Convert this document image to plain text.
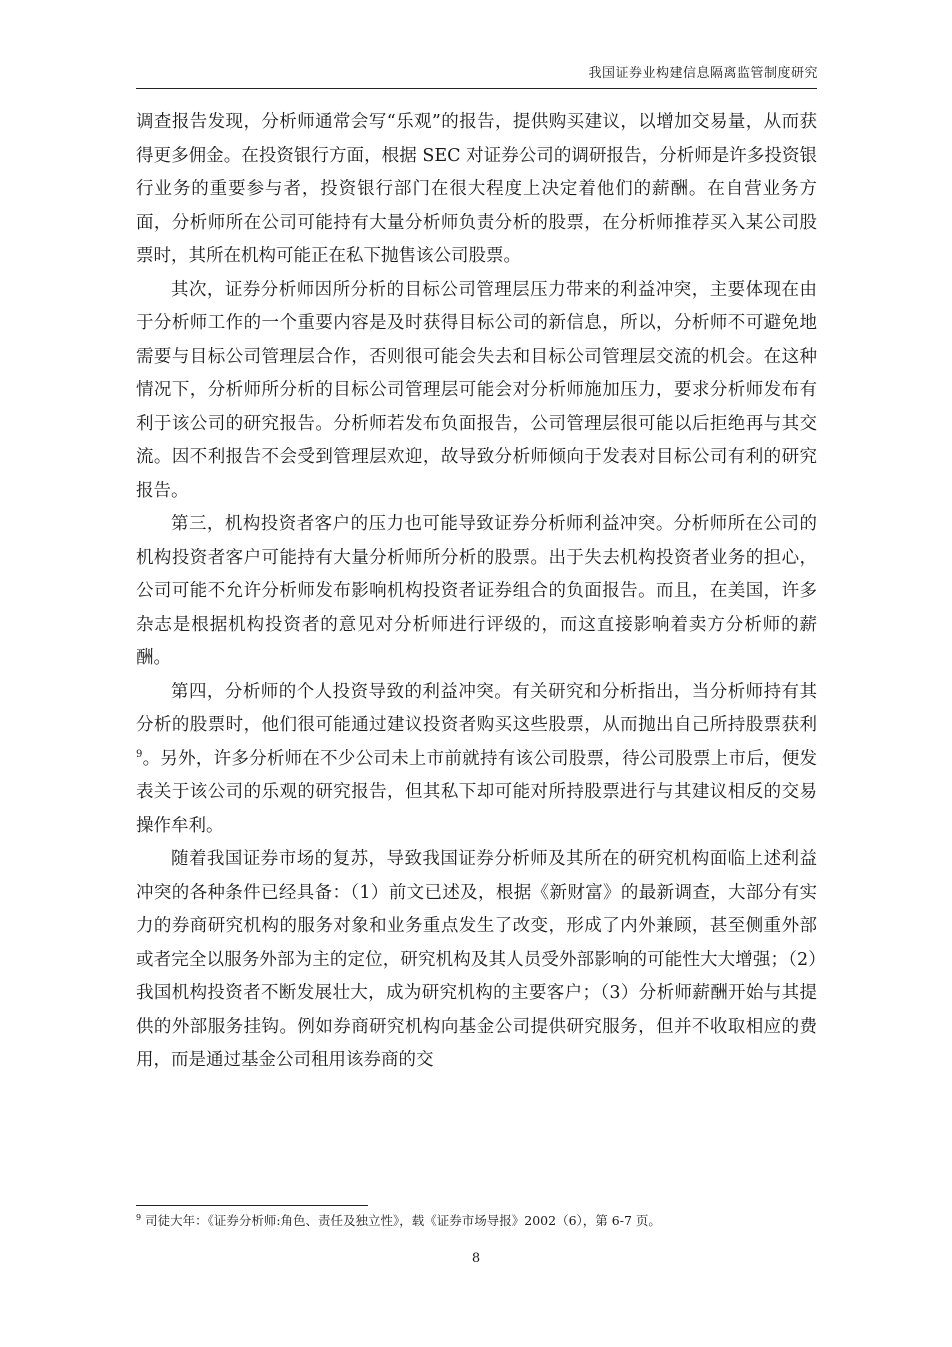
我国证券业构建信息隔离监管制度研究

调查报告发现，分析师通常会写“乐观”的报告，提供购买建议，以增加交易量，从而获得更多佣金。在投资银行方面，根据 SEC 对证券公司的调研报告，分析师是许多投资银行业务的重要参与者，投资银行部门在很大程度上决定着他们的薪酬。在自营业务方面，分析师所在公司可能持有大量分析师负责分析的股票，在分析师推荐买入某公司股票时，其所在机构可能正在私下抛售该公司股票。

其次，证券分析师因所分析的目标公司管理层压力带来的利益冲突，主要体现在由于分析师工作的一个重要内容是及时获得目标公司的新信息，所以，分析师不可避免地需要与目标公司管理层合作，否则很可能会失去和目标公司管理层交流的机会。在这种情况下，分析师所分析的目标公司管理层可能会对分析师施加压力，要求分析师发布有利于该公司的研究报告。分析师若发布负面报告，公司管理层很可能以后拒绝再与其交流。因不利报告不会受到管理层欢迎，故导致分析师倾向于发表对目标公司有利的研究报告。

第三，机构投资者客户的压力也可能导致证券分析师利益冲突。分析师所在公司的机构投资者客户可能持有大量分析师所分析的股票。出于失去机构投资者业务的担心，公司可能不允许分析师发布影响机构投资者证券组合的负面报告。而且，在美国，许多杂志是根据机构投资者的意见对分析师进行评级的，而这直接影响着卖方分析师的薪酬。

第四，分析师的个人投资导致的利益冲突。有关研究和分析指出，当分析师持有其分析的股票时，他们很可能通过建议投资者购买这些股票，从而抛出自己所持股票获利$^9$。另外，许多分析师在不少公司未上市前就持有该公司股票，待公司股票上市后，便发表关于该公司的乐观的研究报告，但其私下却可能对所持股票进行与其建议相反的交易操作牟利。

随着我国证券市场的复苏，导致我国证券分析师及其所在的研究机构面临上述利益冲突的各种条件已经具备：（1）前文已述及，根据《新财富》的最新调查，大部分有实力的券商研究机构的服务对象和业务重点发生了改变，形成了内外兼顾，甚至侧重外部或者完全以服务外部为主的定位，研究机构及其人员受外部影响的可能性大大增强；（2）我国机构投资者不断发展壮大，成为研究机构的主要客户；（3）分析师薪酬开始与其提供的外部服务挂钩。例如券商研究机构向基金公司提供研究服务，但并不收取相应的费用，而是通过基金公司租用该券商的交

$^9$ 司徒大年：《证券分析师:角色、责任及独立性》，载《证券市场导报》2002（6），第 6-7 页。
8
